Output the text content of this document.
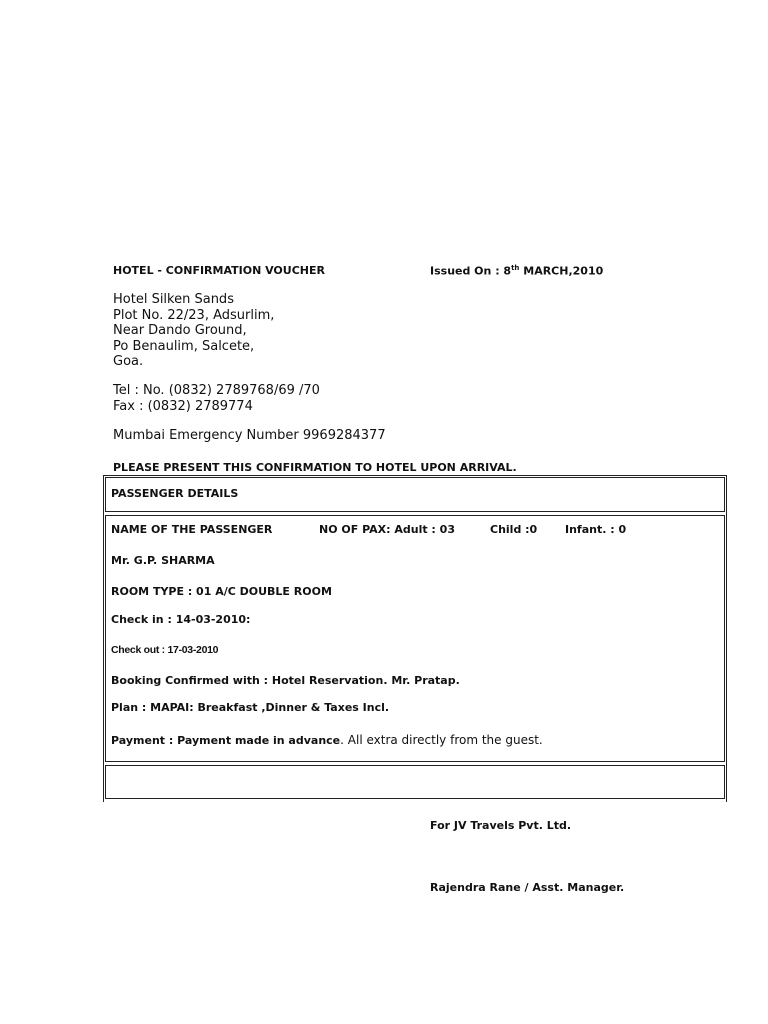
HOTEL - CONFIRMATION VOUCHER	Issued On : 8th MARCH,2010
Hotel Silken Sands
Plot No. 22/23, Adsurlim,
Near Dando Ground,
Po Benaulim, Salcete,
Goa.
Tel : No. (0832) 2789768/69 /70
Fax : (0832) 2789774
Mumbai Emergency Number 9969284377
PLEASE PRESENT THIS CONFIRMATION TO HOTEL UPON ARRIVAL.
PASSENGER DETAILS
NAME OF THE PASSENGER	NO OF PAX: Adult : 03	Child :0	Infant. : 0
Mr. G.P. SHARMA
ROOM TYPE : 01 A/C DOUBLE ROOM
Check in : 14-03-2010:
Check out : 17-03-2010
Booking Confirmed with : Hotel Reservation. Mr. Pratap.
Plan : MAPAI: Breakfast ,Dinner & Taxes Incl.
Payment : Payment made in advance. All extra directly from the guest.
For JV Travels Pvt. Ltd.
Rajendra Rane / Asst. Manager.
